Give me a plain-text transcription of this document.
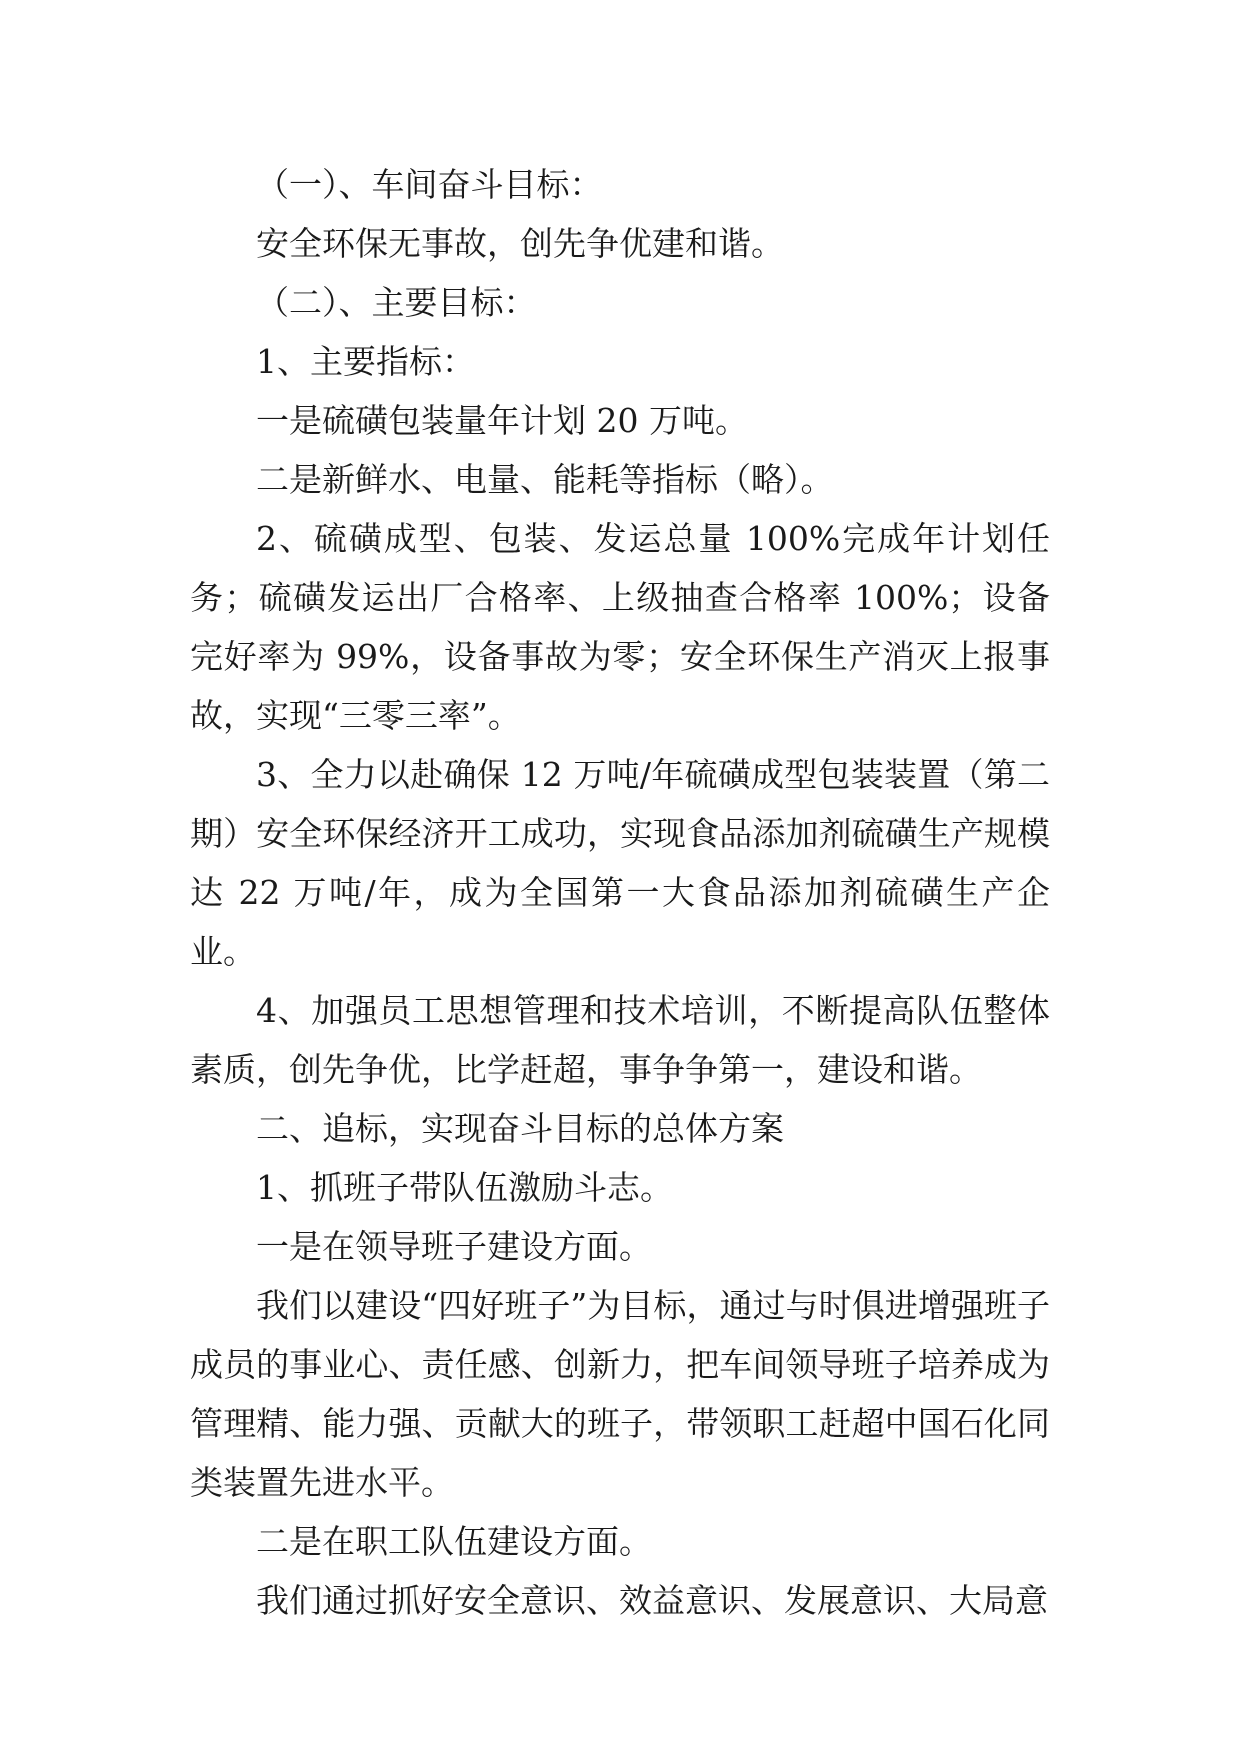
（一）、车间奋斗目标：

安全环保无事故，创先争优建和谐。

（二）、主要目标：

1、主要指标：

一是硫磺包装量年计划 20 万吨。

二是新鲜水、电量、能耗等指标（略）。

2、硫磺成型、包装、发运总量 100%完成年计划任务；硫磺发运出厂合格率、上级抽查合格率 100%；设备完好率为 99%，设备事故为零；安全环保生产消灭上报事故，实现“三零三率”。

3、全力以赴确保 12 万吨/年硫磺成型包装装置（第二期）安全环保经济开工成功，实现食品添加剂硫磺生产规模达 22 万吨/年，成为全国第一大食品添加剂硫磺生产企业。

4、加强员工思想管理和技术培训，不断提高队伍整体素质，创先争优，比学赶超，事争争第一，建设和谐。

二、追标，实现奋斗目标的总体方案

1、抓班子带队伍激励斗志。

一是在领导班子建设方面。

我们以建设“四好班子”为目标，通过与时俱进增强班子成员的事业心、责任感、创新力，把车间领导班子培养成为管理精、能力强、贡献大的班子，带领职工赶超中国石化同类装置先进水平。

二是在职工队伍建设方面。

我们通过抓好安全意识、效益意识、发展意识、大局意
